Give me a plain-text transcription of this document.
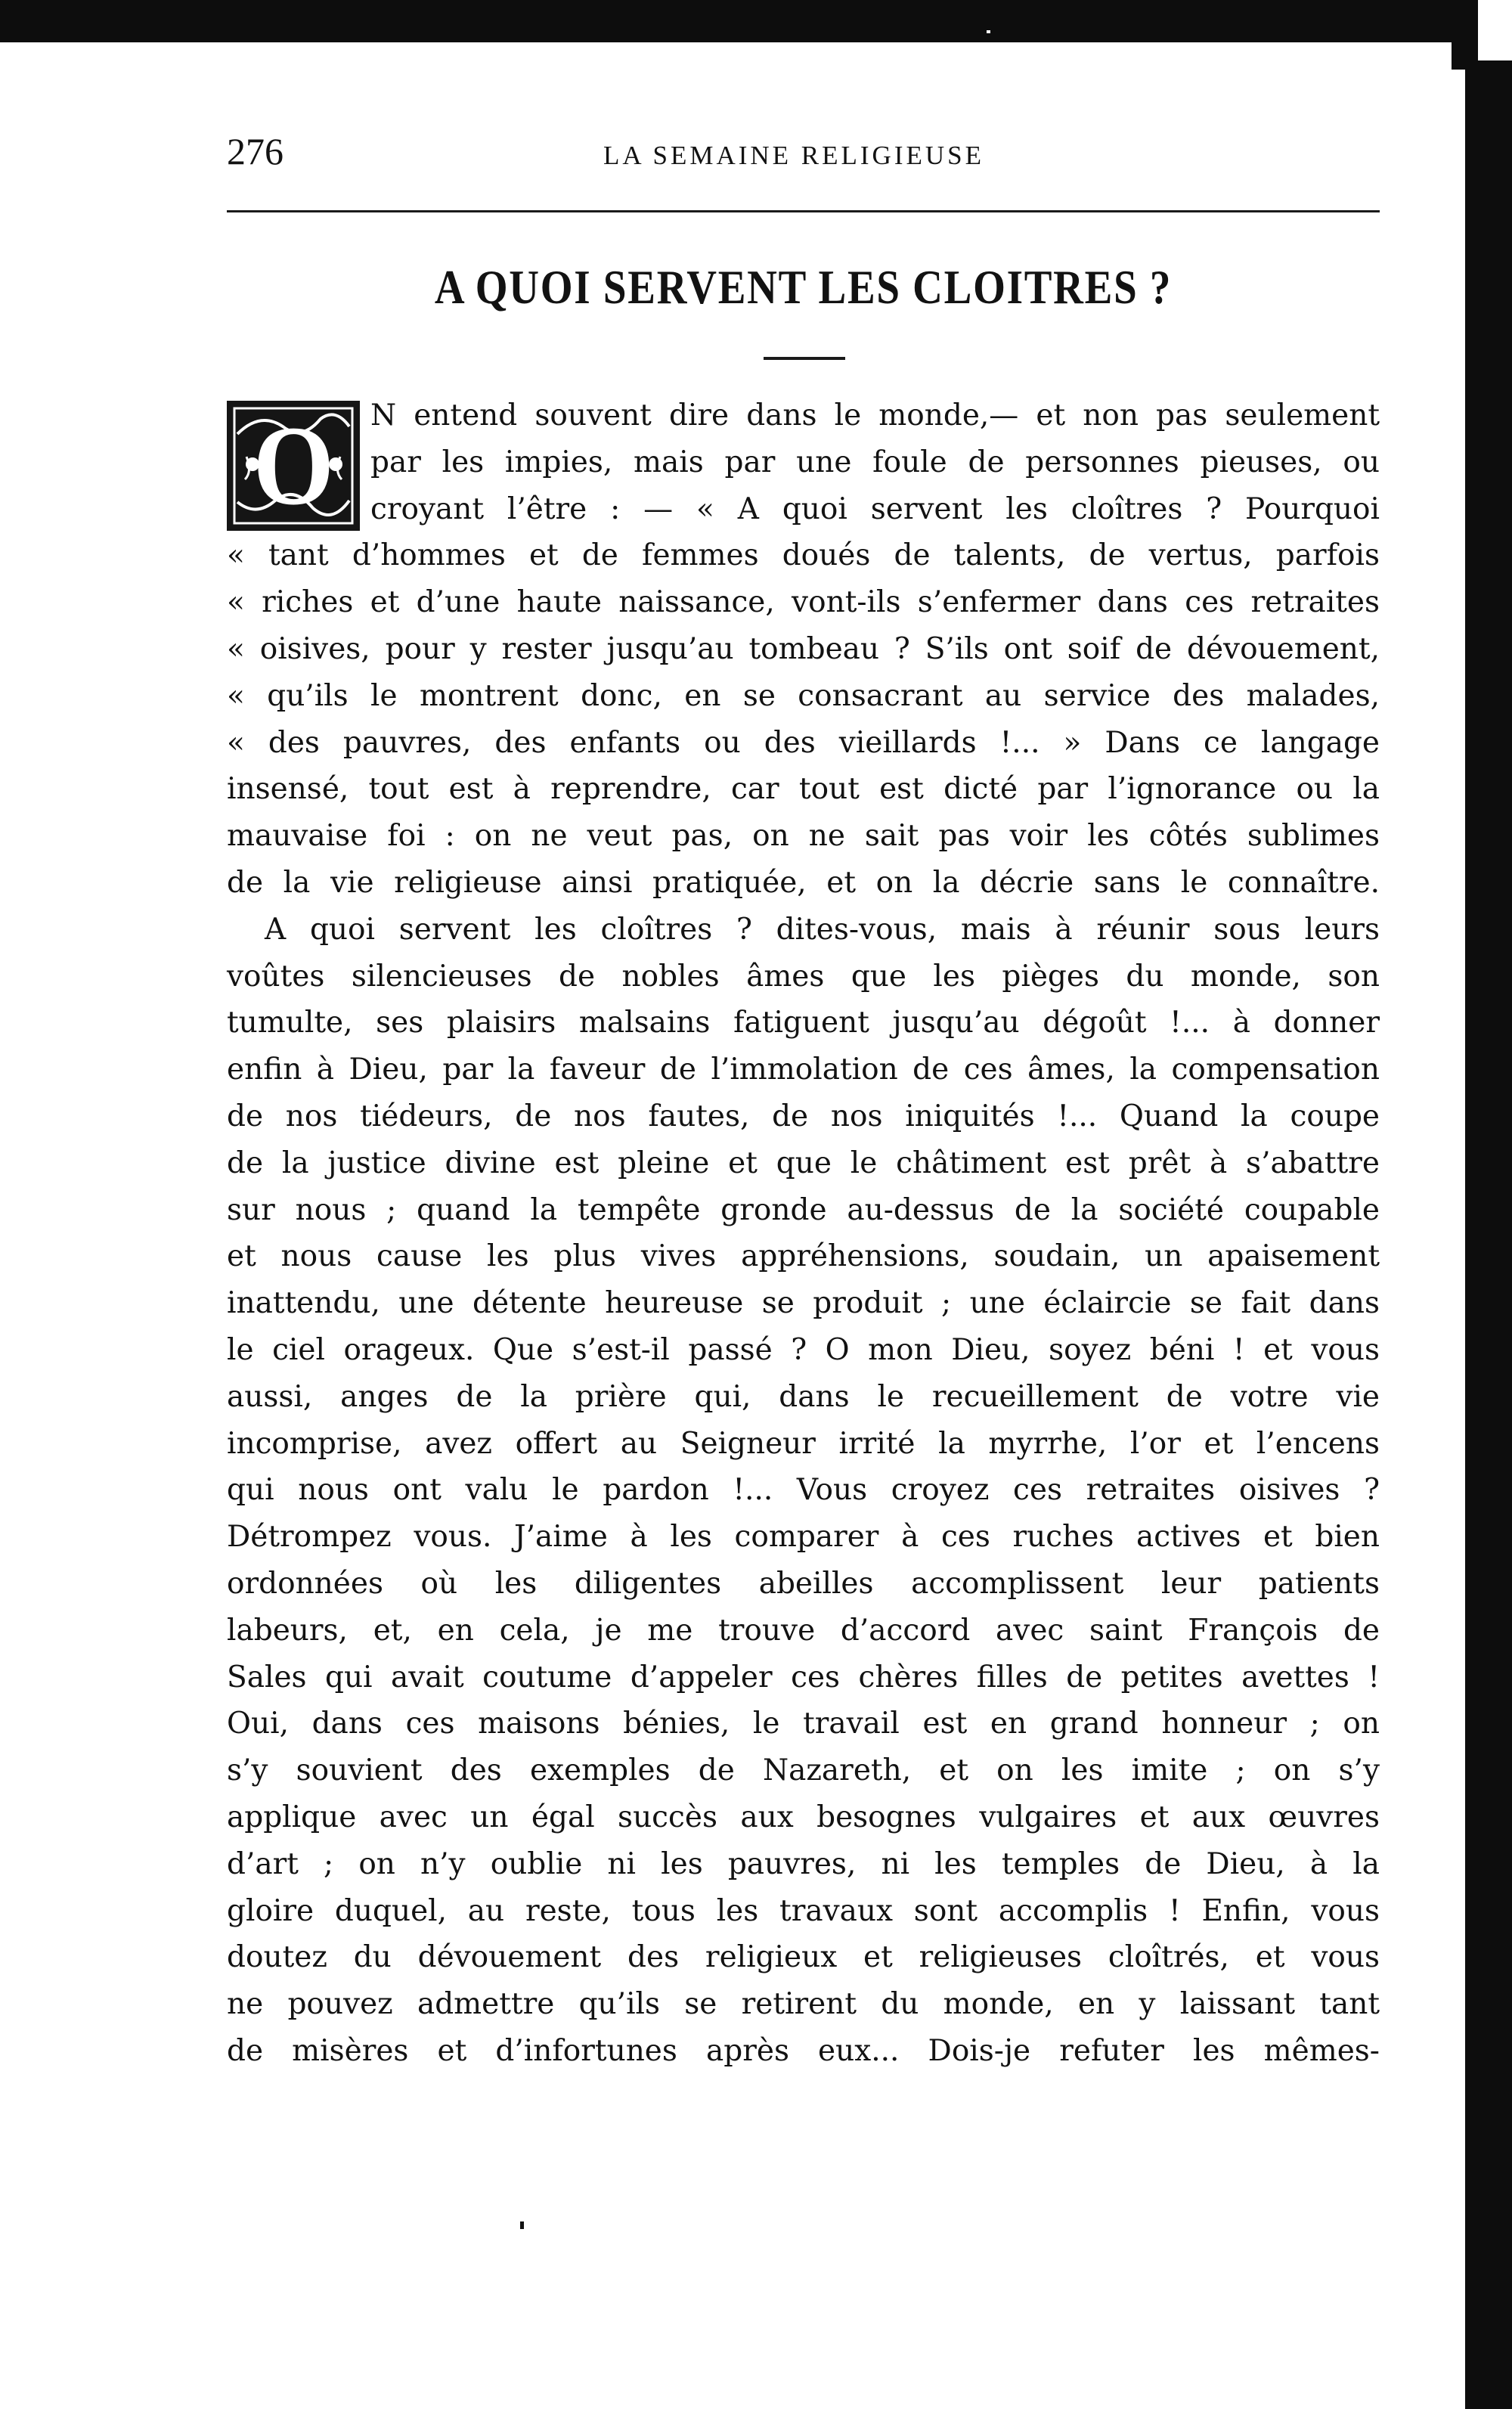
276	LA SEMAINE RELIGIEUSE
A QUOI SERVENT LES CLOITRES ?
O N entend souvent dire dans le monde,— et non pas seulement
par les impies, mais par une foule de personnes pieuses, ou
croyant l’être : — « A quoi servent les cloîtres ? Pourquoi
« tant d’hommes et de femmes doués de talents, de vertus, parfois
« riches et d’une haute naissance, vont-ils s’enfermer dans ces retraites
« oisives, pour y rester jusqu’au tombeau ? S’ils ont soif de dévouement,
« qu’ils le montrent donc, en se consacrant au service des malades,
« des pauvres, des enfants ou des vieillards !... » Dans ce langage
insensé, tout est à reprendre, car tout est dicté par l’ignorance ou la
mauvaise foi : on ne veut pas, on ne sait pas voir les côtés sublimes
de la vie religieuse ainsi pratiquée, et on la décrie sans le connaître.
A quoi servent les cloîtres ? dites-vous, mais à réunir sous leurs
voûtes silencieuses de nobles âmes que les pièges du monde, son
tumulte, ses plaisirs malsains fatiguent jusqu’au dégoût !... à donner
enfin à Dieu, par la faveur de l’immolation de ces âmes, la compensation
de nos tiédeurs, de nos fautes, de nos iniquités !... Quand la coupe
de la justice divine est pleine et que le châtiment est prêt à s’abattre
sur nous ; quand la tempête gronde au-dessus de la société coupable
et nous cause les plus vives appréhensions, soudain, un apaisement
inattendu, une détente heureuse se produit ; une éclaircie se fait dans
le ciel orageux. Que s’est-il passé ? O mon Dieu, soyez béni ! et vous
aussi, anges de la prière qui, dans le recueillement de votre vie
incomprise, avez offert au Seigneur irrité la myrrhe, l’or et l’encens
qui nous ont valu le pardon !... Vous croyez ces retraites oisives ?
Détrompez vous. J’aime à les comparer à ces ruches actives et bien
ordonnées où les diligentes abeilles accomplissent leur patients
labeurs, et, en cela, je me trouve d’accord avec saint François de
Sales qui avait coutume d’appeler ces chères filles de petites avettes !
Oui, dans ces maisons bénies, le travail est en grand honneur ; on
s’y souvient des exemples de Nazareth, et on les imite ; on s’y
applique avec un égal succès aux besognes vulgaires et aux œuvres
d’art ; on n’y oublie ni les pauvres, ni les temples de Dieu, à la
gloire duquel, au reste, tous les travaux sont accomplis ! Enfin, vous
doutez du dévouement des religieux et religieuses cloîtrés, et vous
ne pouvez admettre qu’ils se retirent du monde, en y laissant tant
de misères et d’infortunes après eux... Dois-je refuter les mêmes-
